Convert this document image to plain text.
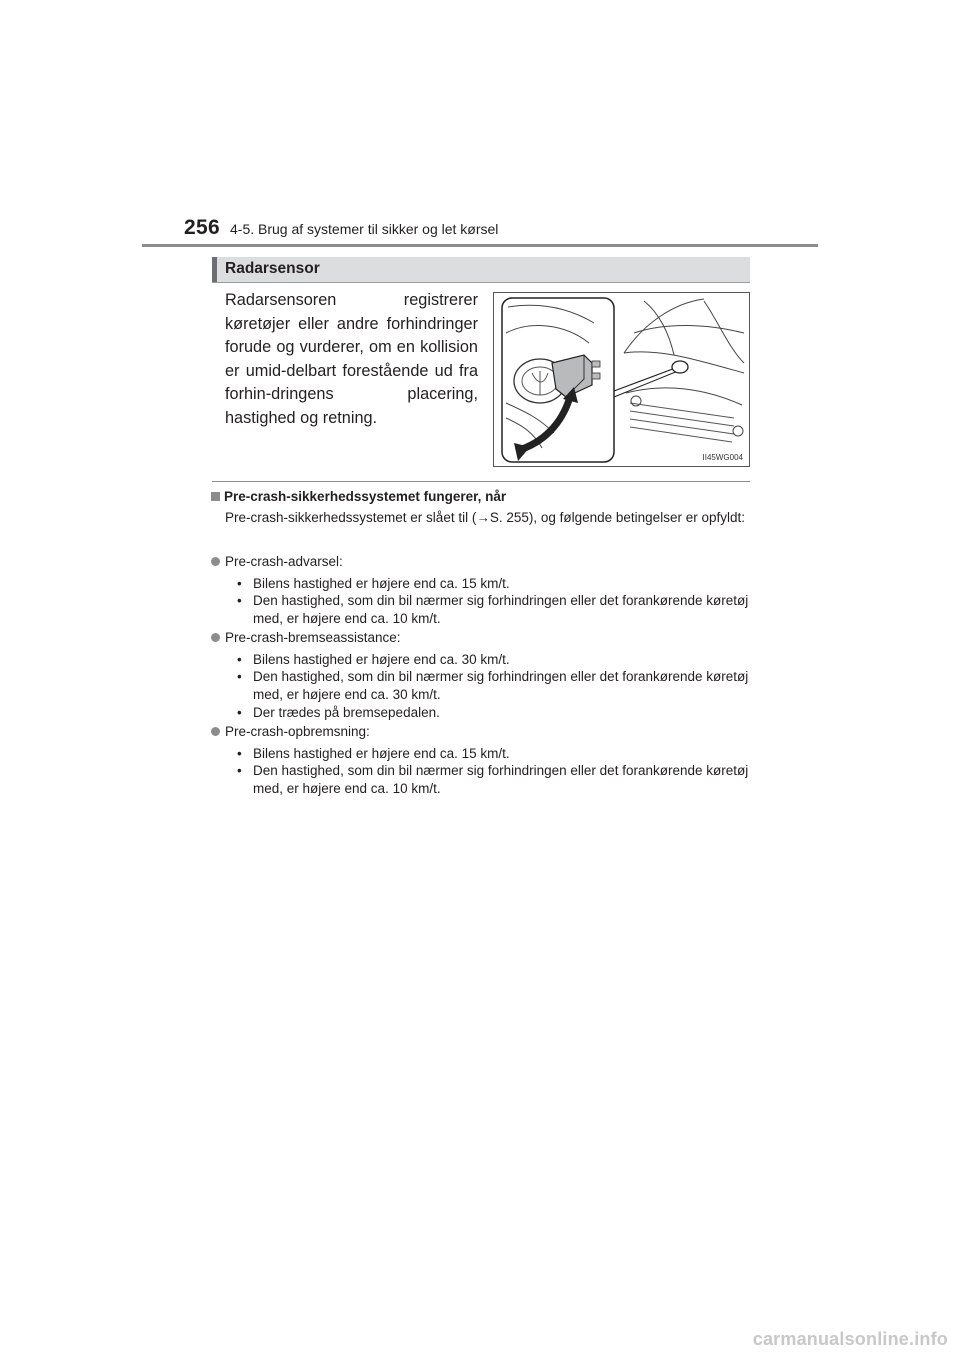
256 4-5. Brug af systemer til sikker og let kørsel
Radarsensor
Radarsensoren registrerer køretøjer eller andre forhindringer forude og vurderer, om en kollision er umid-delbart forestående ud fra forhin-dringens placering, hastighed og retning.
II45WG004
Pre-crash-sikkerhedssystemet fungerer, når
Pre-crash-sikkerhedssystemet er slået til (→S. 255), og følgende betingelser er opfyldt:
Pre-crash-advarsel:
• Bilens hastighed er højere end ca. 15 km/t.
• Den hastighed, som din bil nærmer sig forhindringen eller det forankørende køretøj med, er højere end ca. 10 km/t.
Pre-crash-bremseassistance:
• Bilens hastighed er højere end ca. 30 km/t.
• Den hastighed, som din bil nærmer sig forhindringen eller det forankørende køretøj med, er højere end ca. 30 km/t.
• Der trædes på bremsepedalen.
Pre-crash-opbremsning:
• Bilens hastighed er højere end ca. 15 km/t.
• Den hastighed, som din bil nærmer sig forhindringen eller det forankørende køretøj med, er højere end ca. 10 km/t.
carmanualsonline.info
